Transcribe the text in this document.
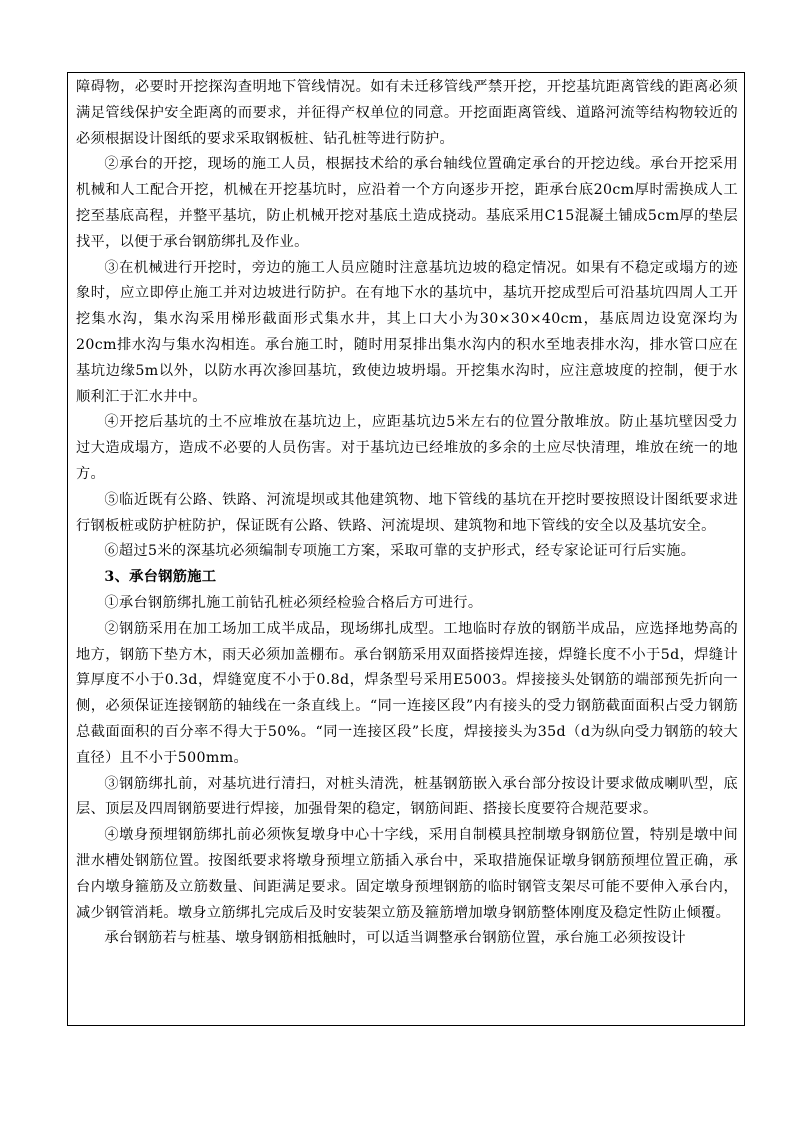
障碍物，必要时开挖探沟查明地下管线情况。如有未迁移管线严禁开挖，开挖基坑距离管线的距离必须满足管线保护安全距离的而要求，并征得产权单位的同意。开挖面距离管线、道路河流等结构物较近的必须根据设计图纸的要求采取钢板桩、钻孔桩等进行防护。

②承台的开挖，现场的施工人员，根据技术给的承台轴线位置确定承台的开挖边线。承台开挖采用机械和人工配合开挖，机械在开挖基坑时，应沿着一个方向逐步开挖，距承台底20cm厚时需换成人工挖至基底高程，并整平基坑，防止机械开挖对基底土造成挠动。基底采用C15混凝土铺成5cm厚的垫层找平，以便于承台钢筋绑扎及作业。

③在机械进行开挖时，旁边的施工人员应随时注意基坑边坡的稳定情况。如果有不稳定或塌方的迹象时，应立即停止施工并对边坡进行防护。在有地下水的基坑中，基坑开挖成型后可沿基坑四周人工开挖集水沟，集水沟采用梯形截面形式集水井，其上口大小为30×30×40cm，基底周边设宽深均为20cm排水沟与集水沟相连。承台施工时，随时用泵排出集水沟内的积水至地表排水沟，排水管口应在基坑边缘5m以外，以防水再次渗回基坑，致使边坡坍塌。开挖集水沟时，应注意坡度的控制，便于水顺利汇于汇水井中。

④开挖后基坑的土不应堆放在基坑边上，应距基坑边5米左右的位置分散堆放。防止基坑壁因受力过大造成塌方，造成不必要的人员伤害。对于基坑边已经堆放的多余的土应尽快清理，堆放在统一的地方。

⑤临近既有公路、铁路、河流堤坝或其他建筑物、地下管线的基坑在开挖时要按照设计图纸要求进行钢板桩或防护桩防护，保证既有公路、铁路、河流堤坝、建筑物和地下管线的安全以及基坑安全。

⑥超过5米的深基坑必须编制专项施工方案，采取可靠的支护形式，经专家论证可行后实施。

3、承台钢筋施工

①承台钢筋绑扎施工前钻孔桩必须经检验合格后方可进行。

②钢筋采用在加工场加工成半成品，现场绑扎成型。工地临时存放的钢筋半成品，应选择地势高的地方，钢筋下垫方木，雨天必须加盖棚布。承台钢筋采用双面搭接焊连接，焊缝长度不小于5d，焊缝计算厚度不小于0.3d，焊缝宽度不小于0.8d，焊条型号采用E5003。焊接接头处钢筋的端部预先折向一侧，必须保证连接钢筋的轴线在一条直线上。“同一连接区段”内有接头的受力钢筋截面面积占受力钢筋总截面面积的百分率不得大于50%。“同一连接区段”长度，焊接接头为35d（d为纵向受力钢筋的较大直径）且不小于500mm。

③钢筋绑扎前，对基坑进行清扫，对桩头清洗，桩基钢筋嵌入承台部分按设计要求做成喇叭型，底层、顶层及四周钢筋要进行焊接，加强骨架的稳定，钢筋间距、搭接长度要符合规范要求。

④墩身预埋钢筋绑扎前必须恢复墩身中心十字线，采用自制模具控制墩身钢筋位置，特别是墩中间泄水槽处钢筋位置。按图纸要求将墩身预埋立筋插入承台中，采取措施保证墩身钢筋预埋位置正确，承台内墩身箍筋及立筋数量、间距满足要求。固定墩身预埋钢筋的临时钢管支架尽可能不要伸入承台内，减少钢管消耗。墩身立筋绑扎完成后及时安装架立筋及箍筋增加墩身钢筋整体刚度及稳定性防止倾覆。

承台钢筋若与桩基、墩身钢筋相抵触时，可以适当调整承台钢筋位置，承台施工必须按设计
